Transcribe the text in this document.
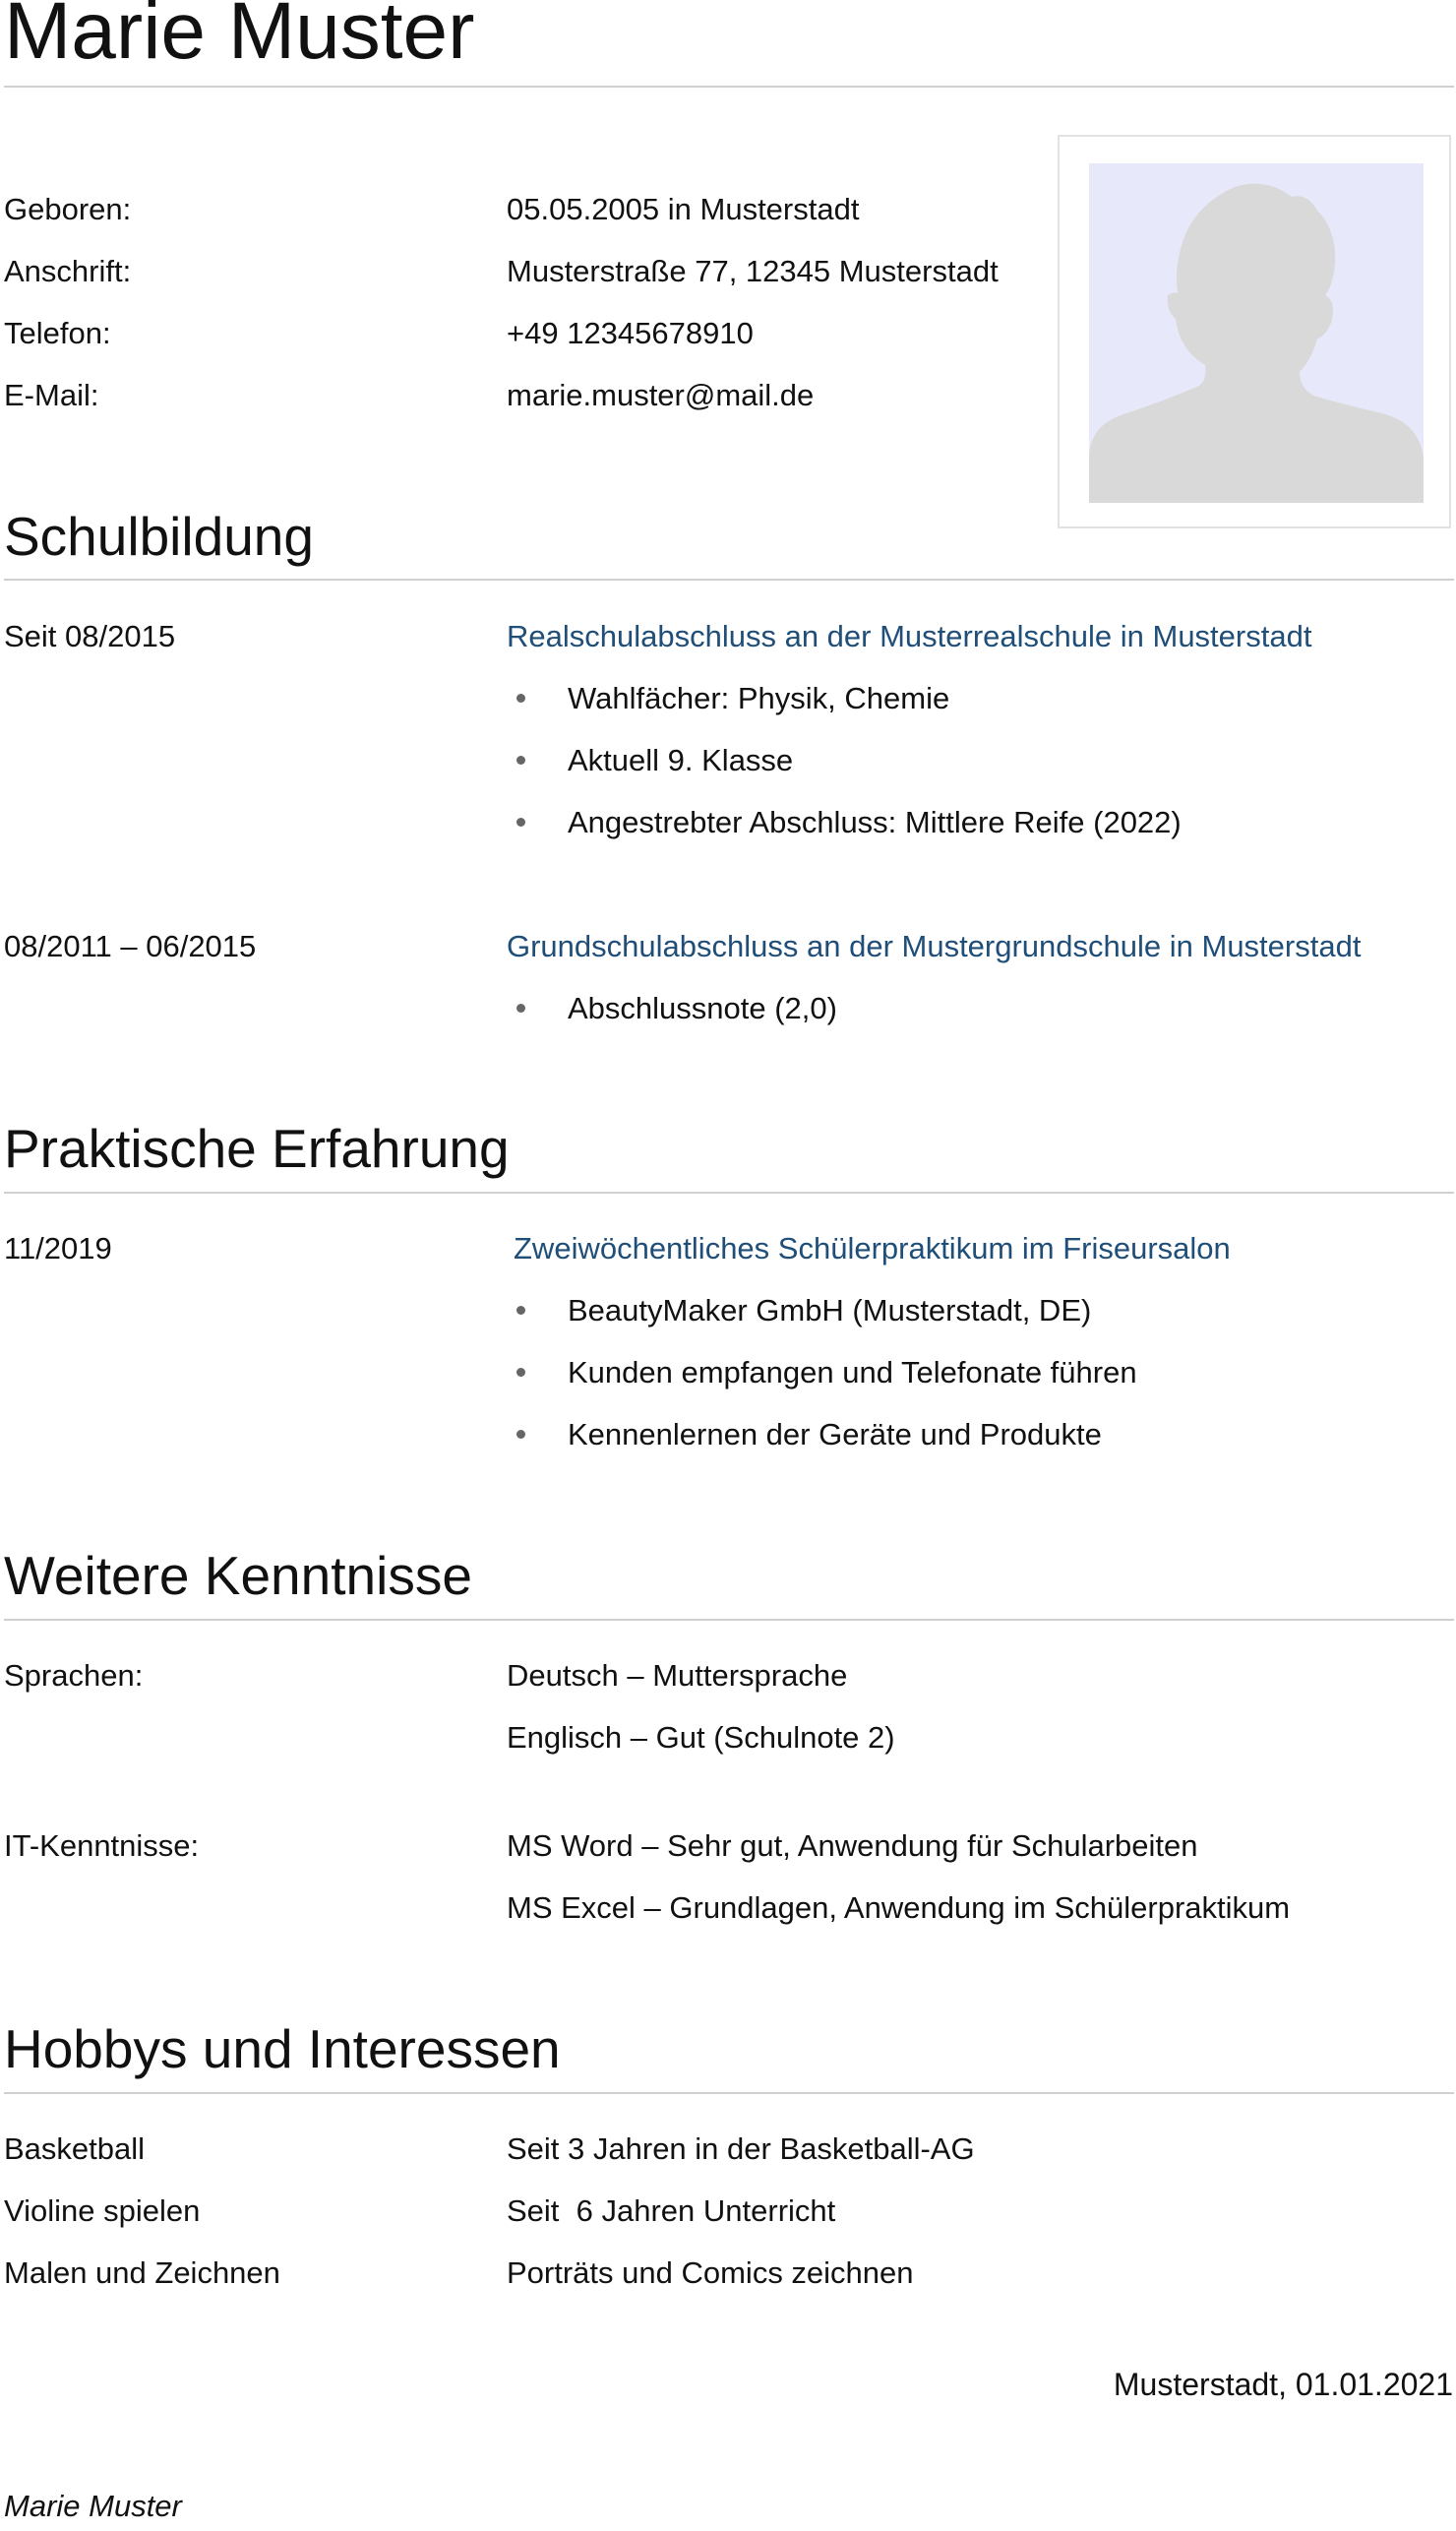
Marie Muster
Geboren:	05.05.2005 in Musterstadt
Anschrift:	Musterstraße 77, 12345 Musterstadt
Telefon:	+49 12345678910
E-Mail:	marie.muster@mail.de
Schulbildung
Seit 08/2015	Realschulabschluss an der Musterrealschule in Musterstadt
Wahlfächer: Physik, Chemie
Aktuell 9. Klasse
Angestrebter Abschluss: Mittlere Reife (2022)
08/2011 – 06/2015	Grundschulabschluss an der Mustergrundschule in Musterstadt
Abschlussnote (2,0)
Praktische Erfahrung
11/2019	Zweiwöchentliches Schülerpraktikum im Friseursalon
BeautyMaker GmbH (Musterstadt, DE)
Kunden empfangen und Telefonate führen
Kennenlernen der Geräte und Produkte
Weitere Kenntnisse
Sprachen:	Deutsch – Muttersprache
Englisch – Gut (Schulnote 2)
IT-Kenntnisse:	MS Word – Sehr gut, Anwendung für Schularbeiten
MS Excel – Grundlagen, Anwendung im Schülerpraktikum
Hobbys und Interessen
Basketball	Seit 3 Jahren in der Basketball-AG
Violine spielen	Seit  6 Jahren Unterricht
Malen und Zeichnen	Porträts und Comics zeichnen
Musterstadt, 01.01.2021
Marie Muster
